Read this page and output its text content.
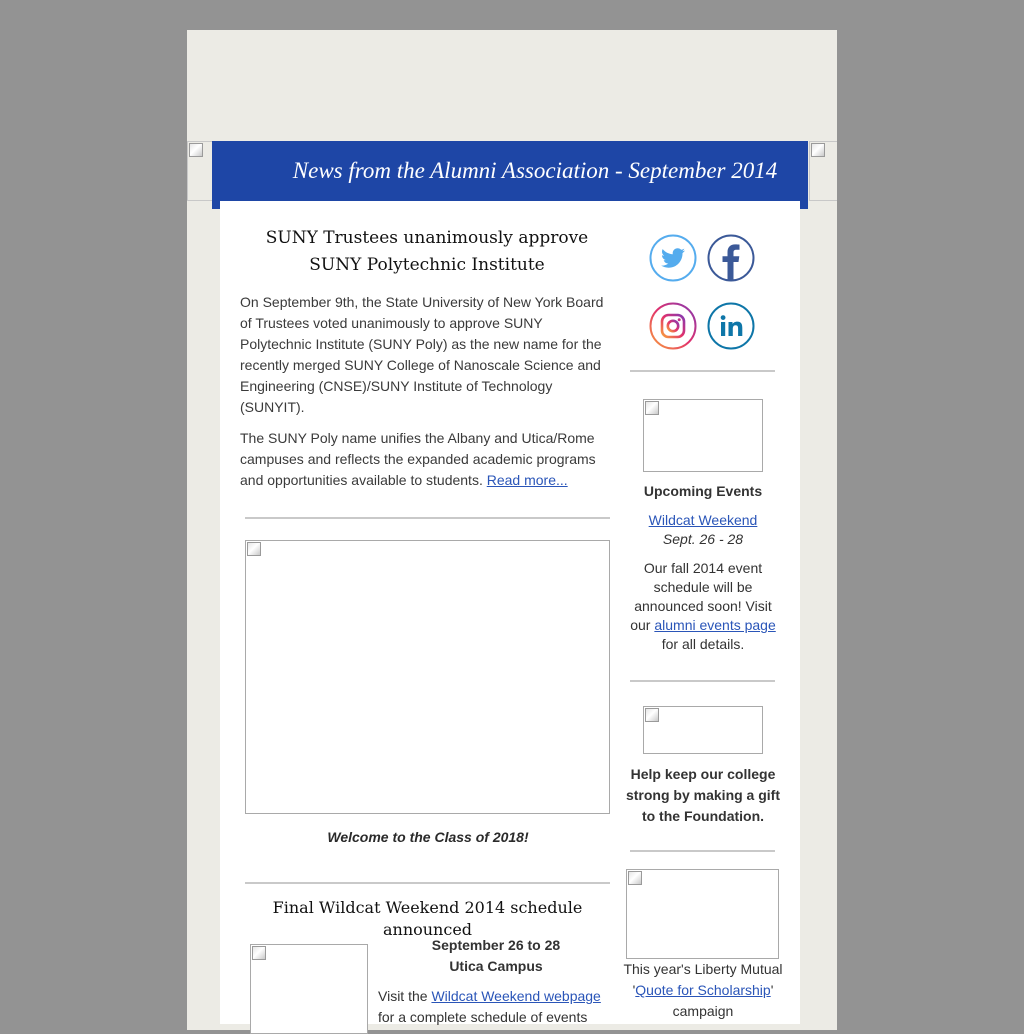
News from the Alumni Association - September 2014
SUNY Trustees unanimously approve
SUNY Polytechnic Institute
On September 9th, the State University of New York Board of Trustees voted unanimously to approve SUNY Polytechnic Institute (SUNY Poly) as the new name for the recently merged SUNY College of Nanoscale Science and Engineering (CNSE)/SUNY Institute of Technology (SUNYIT).
The SUNY Poly name unifies the Albany and Utica/Rome campuses and reflects the expanded academic programs and opportunities available to students. Read more...
Welcome to the Class of 2018!
Final Wildcat Weekend 2014 schedule announced
September 26 to 28
Utica Campus
Visit the Wildcat Weekend webpage
for a complete schedule of events
Upcoming Events
Wildcat Weekend
Sept. 26 - 28
Our fall 2014 event schedule will be announced soon! Visit our alumni events page for all details.
Help keep our college strong by making a gift to the Foundation.
This year's Liberty Mutual 'Quote for Scholarship' campaign
